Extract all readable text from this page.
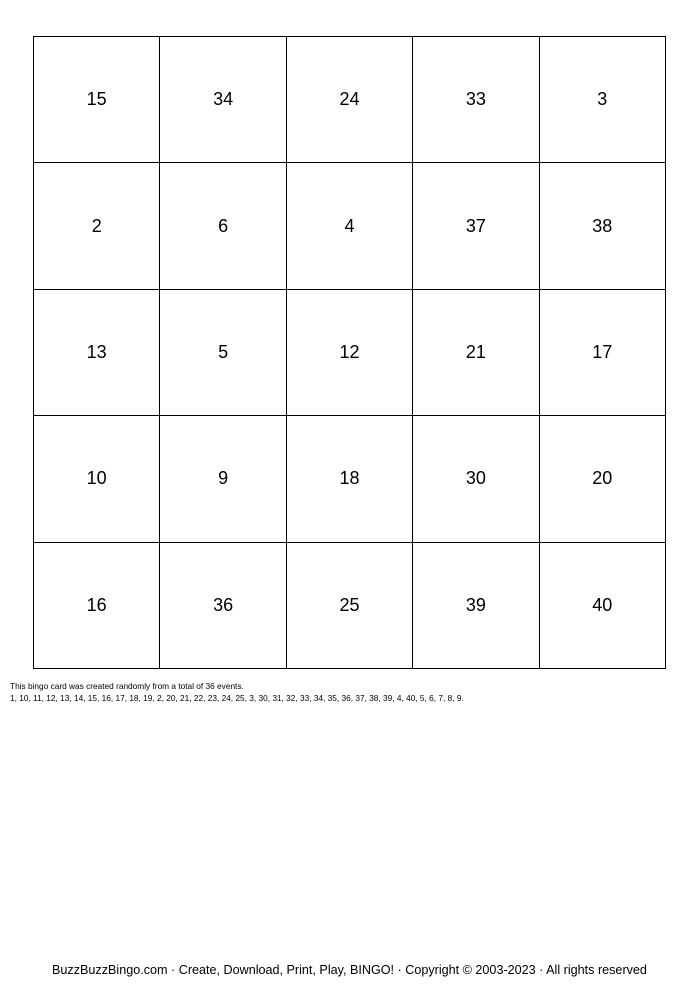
15	34	24	33	3
2	6	4	37	38
13	5	12	21	17
10	9	18	30	20
16	36	25	39	40
This bingo card was created randomly from a total of 36 events.
1, 10, 11, 12, 13, 14, 15, 16, 17, 18, 19, 2, 20, 21, 22, 23, 24, 25, 3, 30, 31, 32, 33, 34, 35, 36, 37, 38, 39, 4, 40, 5, 6, 7, 8, 9.
BuzzBuzzBingo.com · Create, Download, Print, Play, BINGO! · Copyright © 2003-2023 · All rights reserved
